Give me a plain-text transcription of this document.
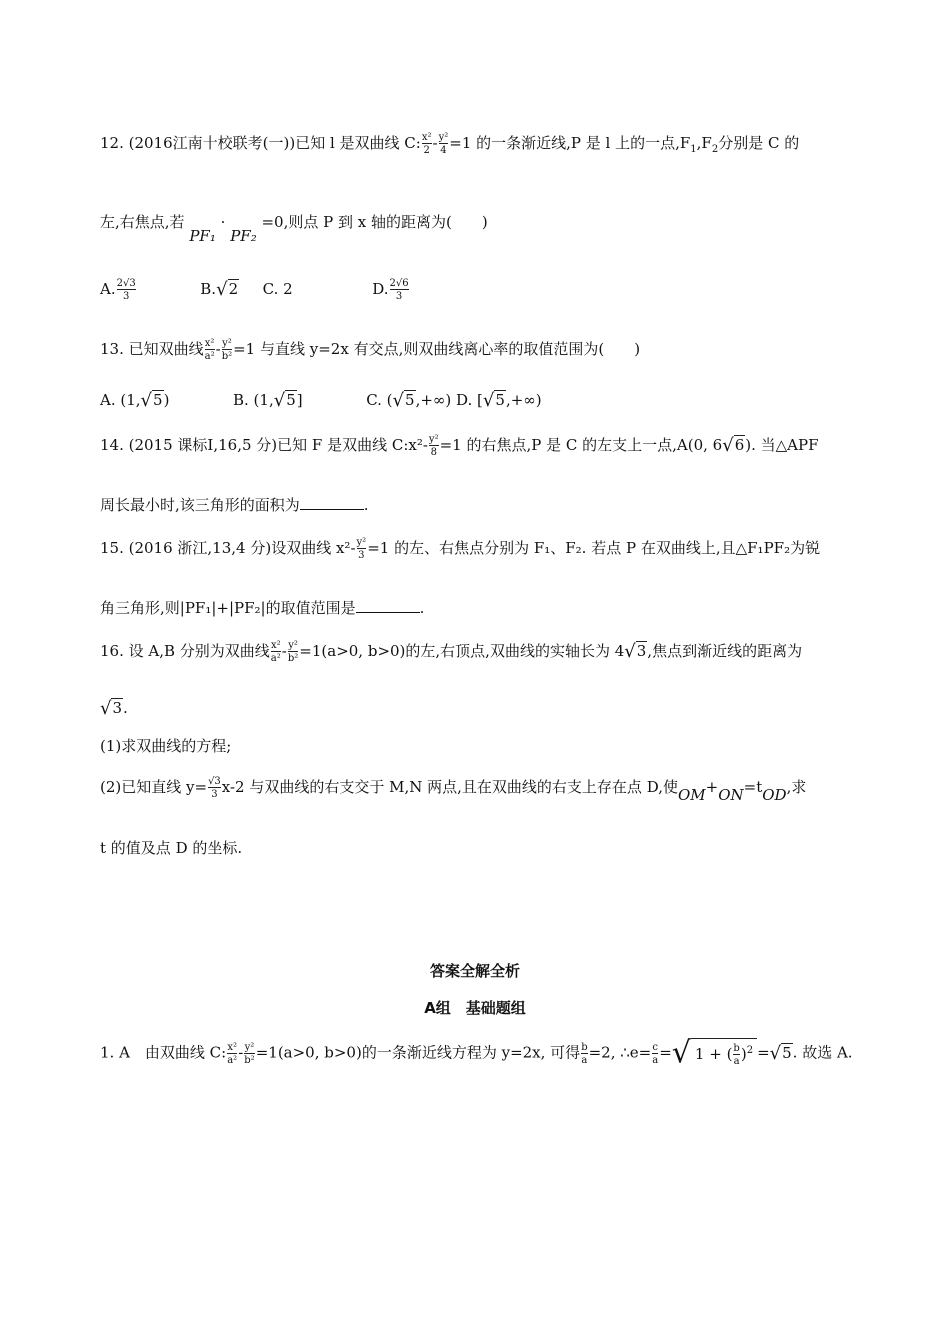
12. (2016江南十校联考(一))已知 l 是双曲线 C: $\frac{\text{x²}}{2} - \frac{\text{y²}}{4} =1$ 的一条渐近线,P 是 l 上的一点$,F_1,F_2$分别是 C 的
左,右焦点,若 PF₁ · PF₂ =0,则点 P 到 x 轴的距离为(　　)
A. $\frac{2√3}{3}$	B.√2 C. 2	D. $\frac{2√6}{3}$
13. 已知双曲线 $\frac{\text{x²}}{\text{a²}} - \frac{\text{y²}}{\text{b²}} =1$ 与直线 y=2x 有交点,则双曲线离心率的取值范围为(　　)
A. (1,√5)	B. (1,√5]	C. (√5,+∞) D. [√5,+∞)
14. (2015 课标Ⅰ,16,5 分)已知 F 是双曲线 C:x²- $\frac{\text{y²}}{8} =1$ 的右焦点,P 是 C 的左支上一点,A(0, 6√6). 当△APF
周长最小时,该三角形的面积为	.
15. (2016 浙江,13,4 分)设双曲线 $x^2- \frac{\text{y²}}{3} =1$ 的左、右焦点分别为 F₁、F₂. 若点 P 在双曲线上,且△F₁PF₂为锐
角三角形,则|PF₁|+|PF₂|的取值范围是	.
16. 设 A,B 分别为双曲线 $\frac{\text{x²}}{\text{a²}} - \frac{\text{y²}}{\text{b²}} =1(a>0$, b>0)的左,右顶点,双曲线的实轴长为 4√3,焦点到渐近线的距离为
√3.
(1)求双曲线的方程;
(2)已知直线 $y= \frac{√3}{3} x-2$ 与双曲线的右支交于 M,N 两点,且在双曲线的右支上存在点 D,使OM+ON=tOD,求
t 的值及点 D 的坐标.
答案全解全析
A组　基础题组
1. A　由双曲线 C: $\frac{\text{x²}}{\text{a²}} - \frac{\text{y²}}{\text{b²}} =1(a>0$, b>0)的一条渐近线方程为 y=2x, 可得 $\frac{b}{a} =2$, ∴e= $\frac{c}{a}$ =√ 1 + ( $\frac{b}{a} )^2 =√5$. 故选 A.
